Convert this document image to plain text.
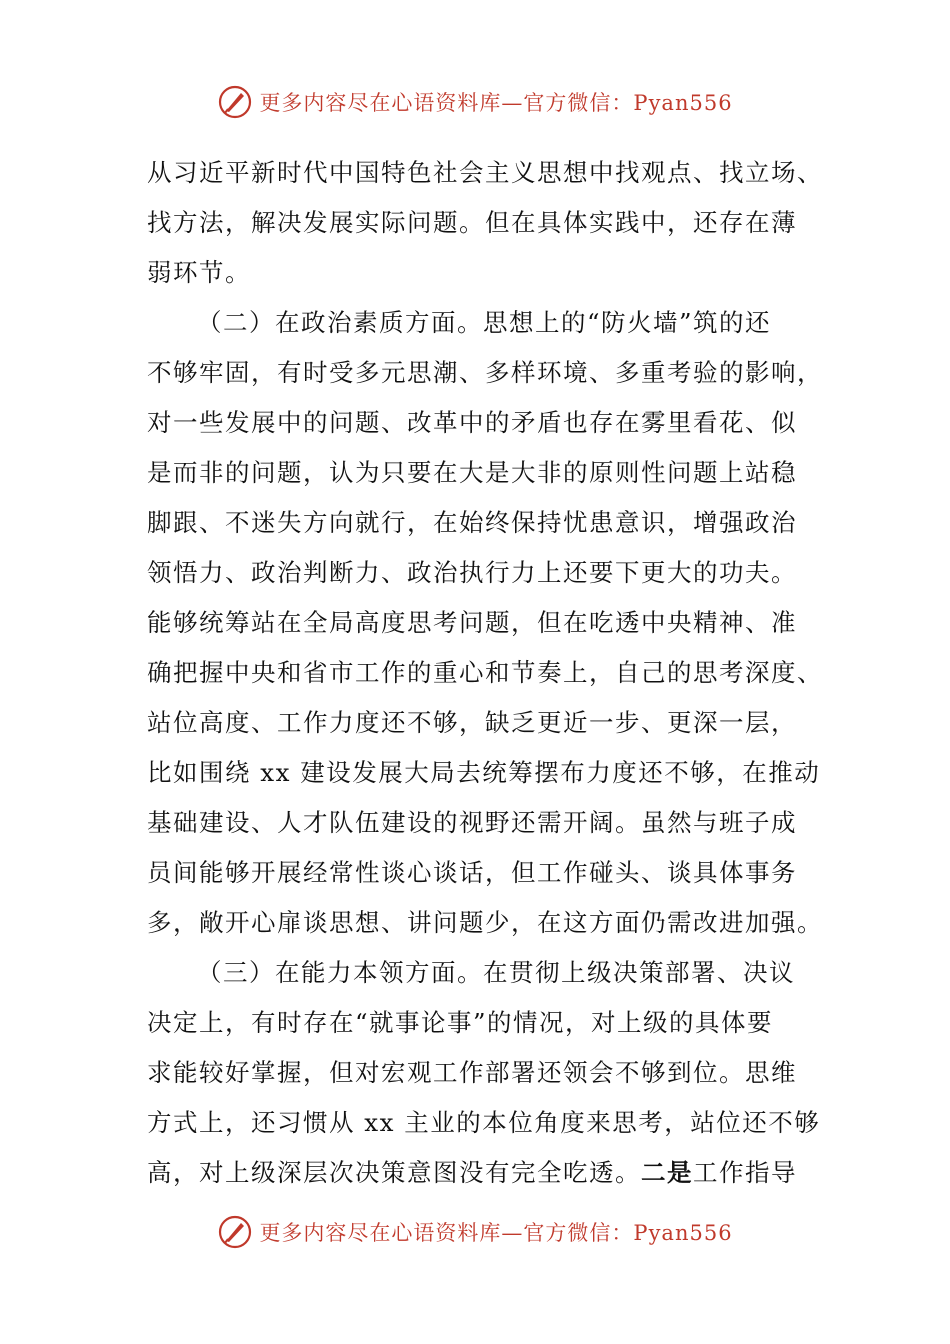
更多内容尽在心语资料库—官方微信：Pyan556
从习近平新时代中国特色社会主义思想中找观点、找立场、
找方法，解决发展实际问题。但在具体实践中，还存在薄
弱环节。
（二）在政治素质方面。思想上的“防火墙”筑的还
不够牢固，有时受多元思潮、多样环境、多重考验的影响，
对一些发展中的问题、改革中的矛盾也存在雾里看花、似
是而非的问题，认为只要在大是大非的原则性问题上站稳
脚跟、不迷失方向就行，在始终保持忧患意识，增强政治
领悟力、政治判断力、政治执行力上还要下更大的功夫。
能够统筹站在全局高度思考问题，但在吃透中央精神、准
确把握中央和省市工作的重心和节奏上，自己的思考深度、
站位高度、工作力度还不够，缺乏更近一步、更深一层，
比如围绕 xx 建设发展大局去统筹摆布力度还不够，在推动
基础建设、人才队伍建设的视野还需开阔。虽然与班子成
员间能够开展经常性谈心谈话，但工作碰头、谈具体事务
多，敞开心扉谈思想、讲问题少，在这方面仍需改进加强。
（三）在能力本领方面。在贯彻上级决策部署、决议
决定上，有时存在“就事论事”的情况，对上级的具体要
求能较好掌握，但对宏观工作部署还领会不够到位。思维
方式上，还习惯从 xx 主业的本位角度来思考，站位还不够
高，对上级深层次决策意图没有完全吃透。二是工作指导
更多内容尽在心语资料库—官方微信：Pyan556
